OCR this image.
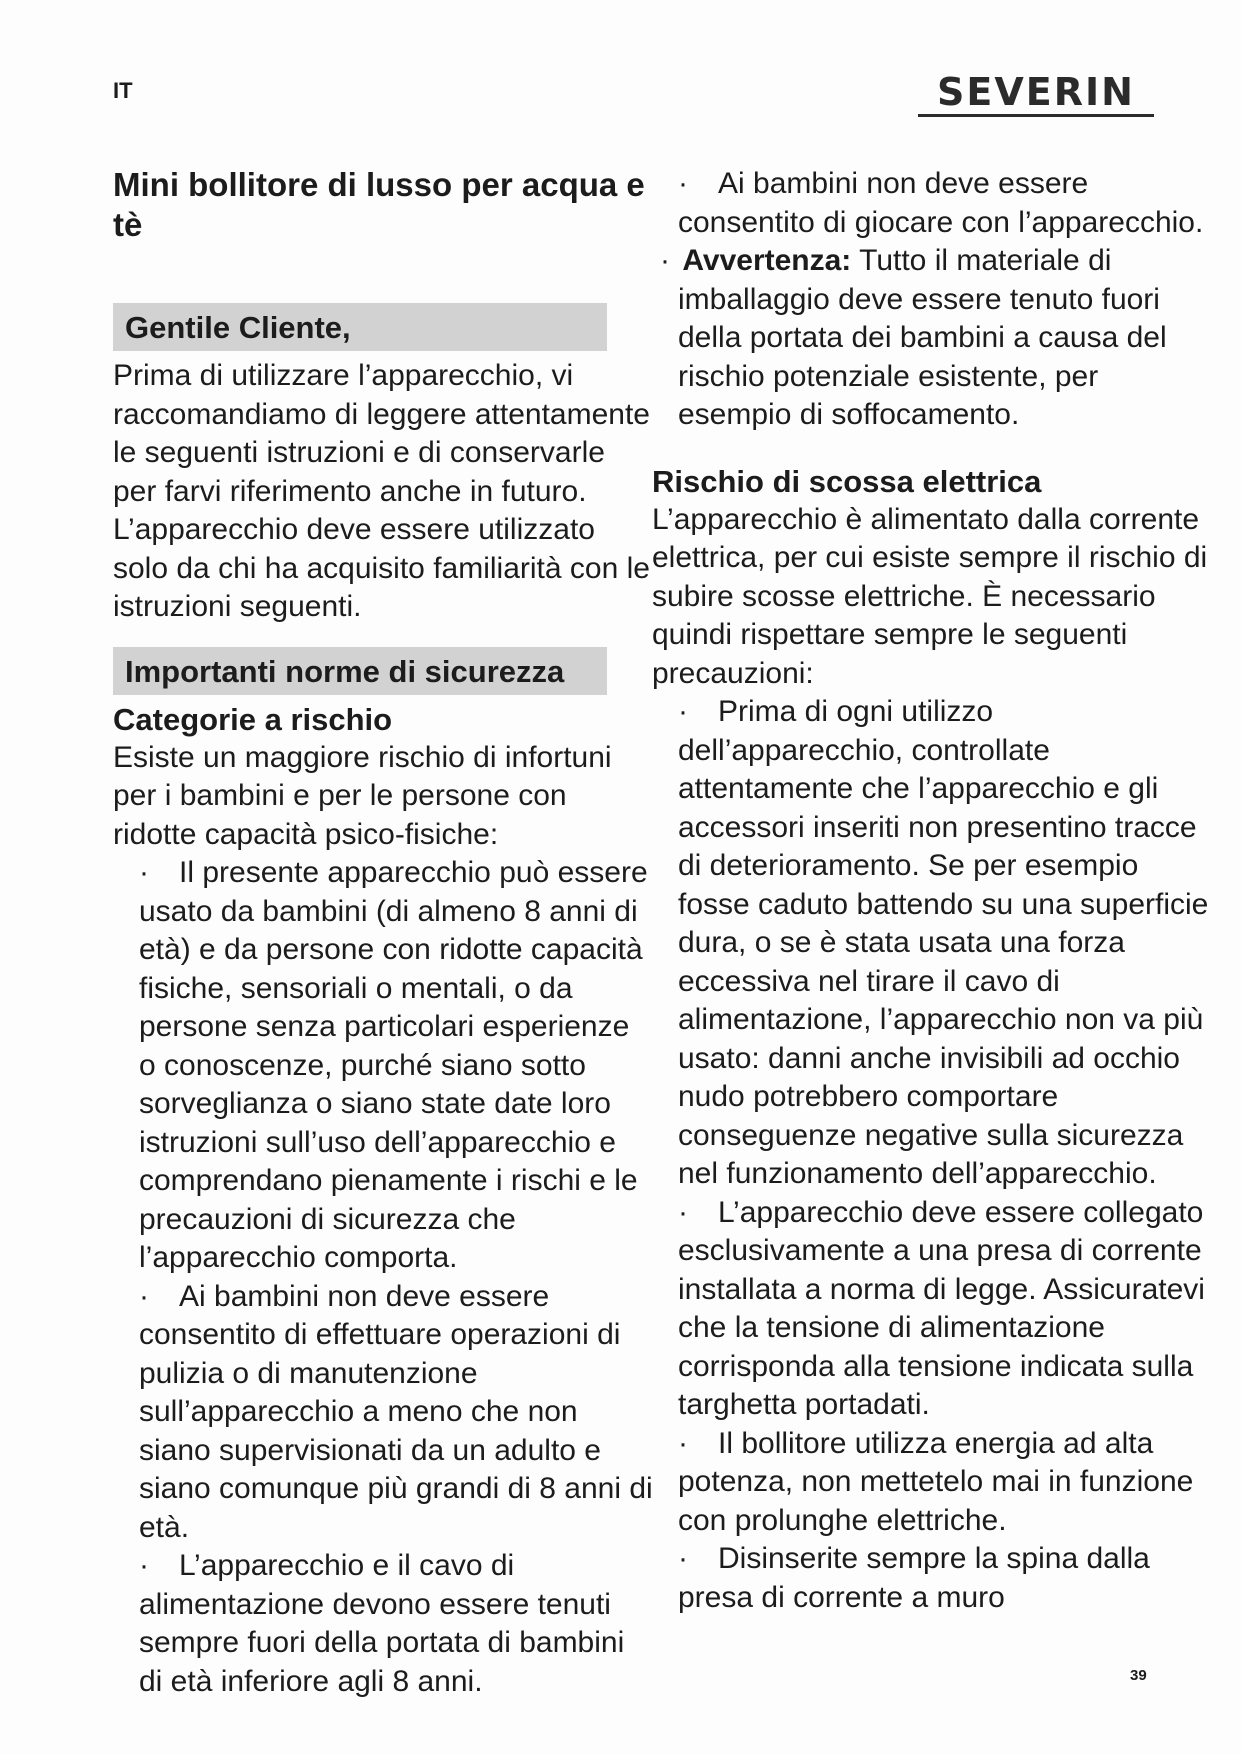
IT	SEVERIN
Mini bollitore di lusso per acqua e tè
Gentile Cliente,

Prima di utilizzare l’apparecchio, vi raccomandiamo di leggere attentamente le seguenti istruzioni e di conservarle per farvi riferimento anche in futuro. L’apparecchio deve essere utilizzato solo da chi ha acquisito familiarità con le istruzioni seguenti.

Importanti norme di sicurezza

Categorie a rischio

Esiste un maggiore rischio di infortuni per i bambini e per le persone con ridotte capacità psico-fisiche:

· Il presente apparecchio può essere usato da bambini (di almeno 8 anni di età) e da persone con ridotte capacità fisiche, sensoriali o mentali, o da persone senza particolari esperienze o conoscenze, purché siano sotto sorveglianza o siano state date loro istruzioni sull’uso dell’apparecchio e comprendano pienamente i rischi e le precauzioni di sicurezza che l’apparecchio comporta.
· Ai bambini non deve essere consentito di effettuare operazioni di pulizia o di manutenzione sull’apparecchio a meno che non siano supervisionati da un adulto e siano comunque più grandi di 8 anni di età.
· L’apparecchio e il cavo di alimentazione devono essere tenuti sempre fuori della portata di bambini di età inferiore agli 8 anni.
· Ai bambini non deve essere consentito di giocare con l’apparecchio.

· Avvertenza: Tutto il materiale di imballaggio deve essere tenuto fuori della portata dei bambini a causa del rischio potenziale esistente, per esempio di soffocamento.

Rischio di scossa elettrica

L’apparecchio è alimentato dalla corrente elettrica, per cui esiste sempre il rischio di subire scosse elettriche. È necessario quindi rispettare sempre le seguenti precauzioni:

· Prima di ogni utilizzo dell’apparecchio, controllate attentamente che l’apparecchio e gli accessori inseriti non presentino tracce di deterioramento. Se per esempio fosse caduto battendo su una superficie dura, o se è stata usata una forza eccessiva nel tirare il cavo di alimentazione, l’apparecchio non va più usato: danni anche invisibili ad occhio nudo potrebbero comportare conseguenze negative sulla sicurezza nel funzionamento dell’apparecchio.
· L’apparecchio deve essere collegato esclusivamente a una presa di corrente installata a norma di legge. Assicuratevi che la tensione di alimentazione corrisponda alla tensione indicata sulla targhetta portadati.
· Il bollitore utilizza energia ad alta potenza, non mettetelo mai in funzione con prolunghe elettriche.
· Disinserite sempre la spina dalla presa di corrente a muro
39
